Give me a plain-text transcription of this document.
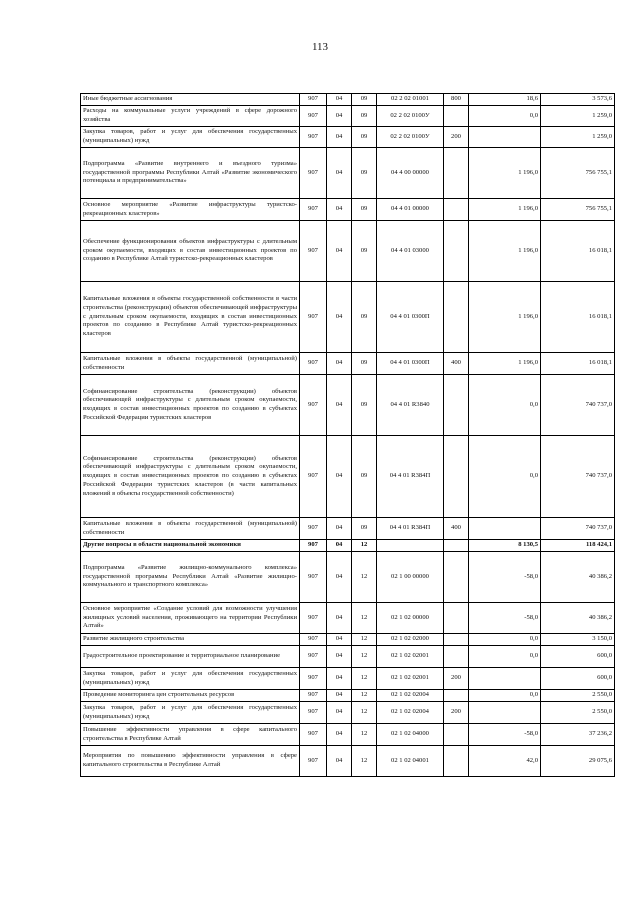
113
Иные бюджетные ассигнования	907	04	09	02 2 02 01001	800	18,6	3 573,6
Расходы на коммунальные услуги учреждений в сфере дорожного хозяйства	907	04	09	02 2 02 0100У		0,0	1 259,0
Закупка товаров, работ и услуг для обеспечения государственных (муниципальных) нужд	907	04	09	02 2 02 0100У	200		1 259,0
Подпрограмма «Развитие внутреннего и въездного туризма» государственной программы Республики Алтай «Развитие экономического потенциала и предпринимательства»	907	04	09	04 4 00 00000		1 196,0	756 755,1
Основное мероприятие «Развитие инфраструктуры туристско-рекреационных кластеров»	907	04	09	04 4 01 00000		1 196,0	756 755,1
Обеспечение функционирования объектов инфраструктуры с длительным сроком окупаемости, входящих в состав инвестиционных проектов по созданию в Республике Алтай туристско-рекреационных кластеров	907	04	09	04 4 01 03000		1 196,0	16 018,1
Капитальные вложения в объекты государственной собственности в части строительства (реконструкции) объектов обеспечивающей инфраструктуры с длительным сроком окупаемости, входящих в состав инвестиционных проектов по созданию в Республике Алтай туристско-рекреационных кластеров	907	04	09	04 4 01 0300П		1 196,0	16 018,1
Капитальные вложения в объекты государственной (муниципальной) собственности	907	04	09	04 4 01 0300П	400	1 196,0	16 018,1
Софинансирование строительства (реконструкции) объектов обеспечивающей инфраструктуры с длительным сроком окупаемости, входящих в состав инвестиционных проектов по созданию в субъектах Российской Федерации туристских кластеров	907	04	09	04 4 01 R3840		0,0	740 737,0
Софинансирование строительства (реконструкции) объектов обеспечивающей инфраструктуры с длительным сроком окупаемости, входящих в состав инвестиционных проектов по созданию в субъектах Российской Федерации туристских кластеров (в части капитальных вложений в объекты государственной собственности)	907	04	09	04 4 01 R384П		0,0	740 737,0
Капитальные вложения в объекты государственной (муниципальной) собственности	907	04	09	04 4 01 R384П	400		740 737,0
Другие вопросы в области национальной экономики	907	04	12			8 130,5	118 424,1
Подпрограмма «Развитие жилищно-коммунального комплекса» государственной программы Республики Алтай «Развитие жилищно-коммунального и транспортного комплекса»	907	04	12	02 1 00 00000		-58,0	40 386,2
Основное мероприятие «Создание условий для возможности улучшения жилищных условий населения, проживающего на территории Республики Алтай»	907	04	12	02 1 02 00000		-58,0	40 386,2
Развитие жилищного строительства	907	04	12	02 1 02 02000		0,0	3 150,0
Градостроительное проектирование и территориальное планирование	907	04	12	02 1 02 02001		0,0	600,0
Закупка товаров, работ и услуг для обеспечения государственных (муниципальных) нужд	907	04	12	02 1 02 02001	200		600,0
Проведение мониторинга цен строительных ресурсов	907	04	12	02 1 02 02004		0,0	2 550,0
Закупка товаров, работ и услуг для обеспечения государственных (муниципальных) нужд	907	04	12	02 1 02 02004	200		2 550,0
Повышение эффективности управления в сфере капитального строительства в Республике Алтай	907	04	12	02 1 02 04000		-58,0	37 236,2
Мероприятия по повышению эффективности управления в сфере капитального строительства в Республике Алтай	907	04	12	02 1 02 04001		42,0	29 075,6
